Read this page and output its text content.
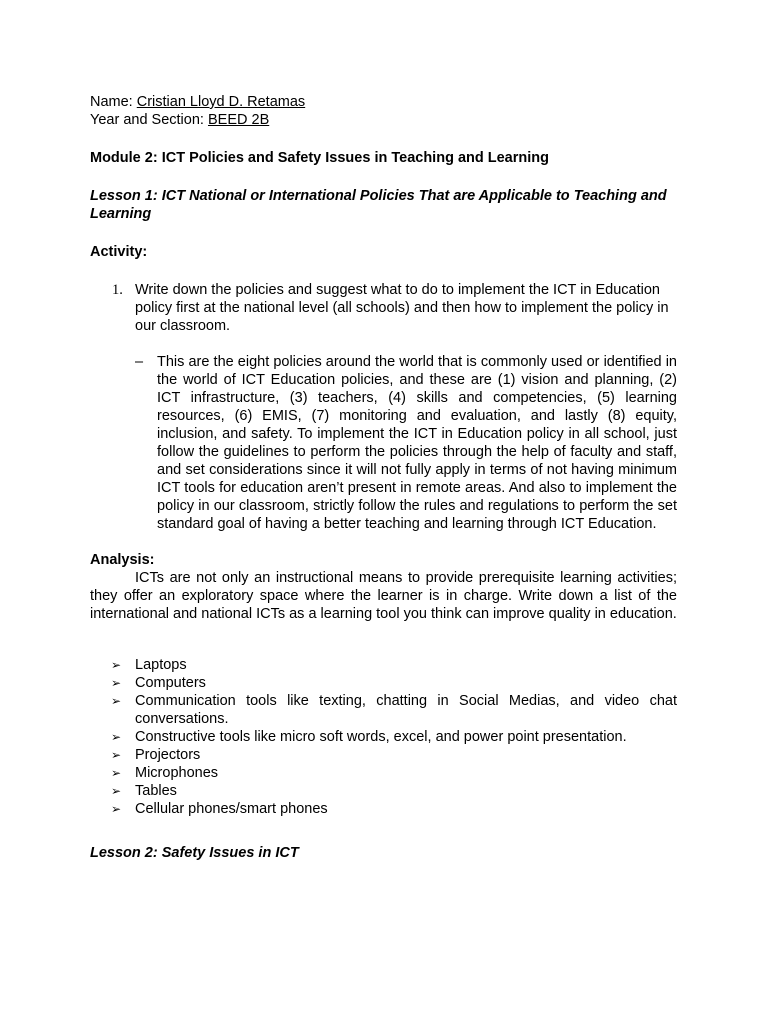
Name: Cristian Lloyd D. Retamas

Year and Section: BEED 2B

Module 2: ICT Policies and Safety Issues in Teaching and Learning

Lesson 1: ICT National or International Policies That are Applicable to Teaching and Learning

Activity:

1. Write down the policies and suggest what to do to implement the ICT in Education policy first at the national level (all schools) and then how to implement the policy in our classroom.
– This are the eight policies around the world that is commonly used or identified in the world of ICT Education policies, and these are (1) vision and planning, (2) ICT infrastructure, (3) teachers, (4) skills and competencies, (5) learning resources, (6) EMIS, (7) monitoring and evaluation, and lastly (8) equity, inclusion, and safety. To implement the ICT in Education policy in all school, just follow the guidelines to perform the policies through the help of faculty and staff, and set considerations since it will not fully apply in terms of not having minimum ICT tools for education aren’t present in remote areas. And also to implement the policy in our classroom, strictly follow the rules and regulations to perform the set standard goal of having a better teaching and learning through ICT Education.

Analysis:

ICTs are not only an instructional means to provide prerequisite learning activities; they offer an exploratory space where the learner is in charge. Write down a list of the international and national ICTs as a learning tool you think can improve quality in education.

➢ Laptops
➢ Computers
➢ Communication tools like texting, chatting in Social Medias, and video chat conversations.
➢ Constructive tools like micro soft words, excel, and power point presentation.
➢ Projectors
➢ Microphones
➢ Tables
➢ Cellular phones/smart phones

Lesson 2: Safety Issues in ICT
